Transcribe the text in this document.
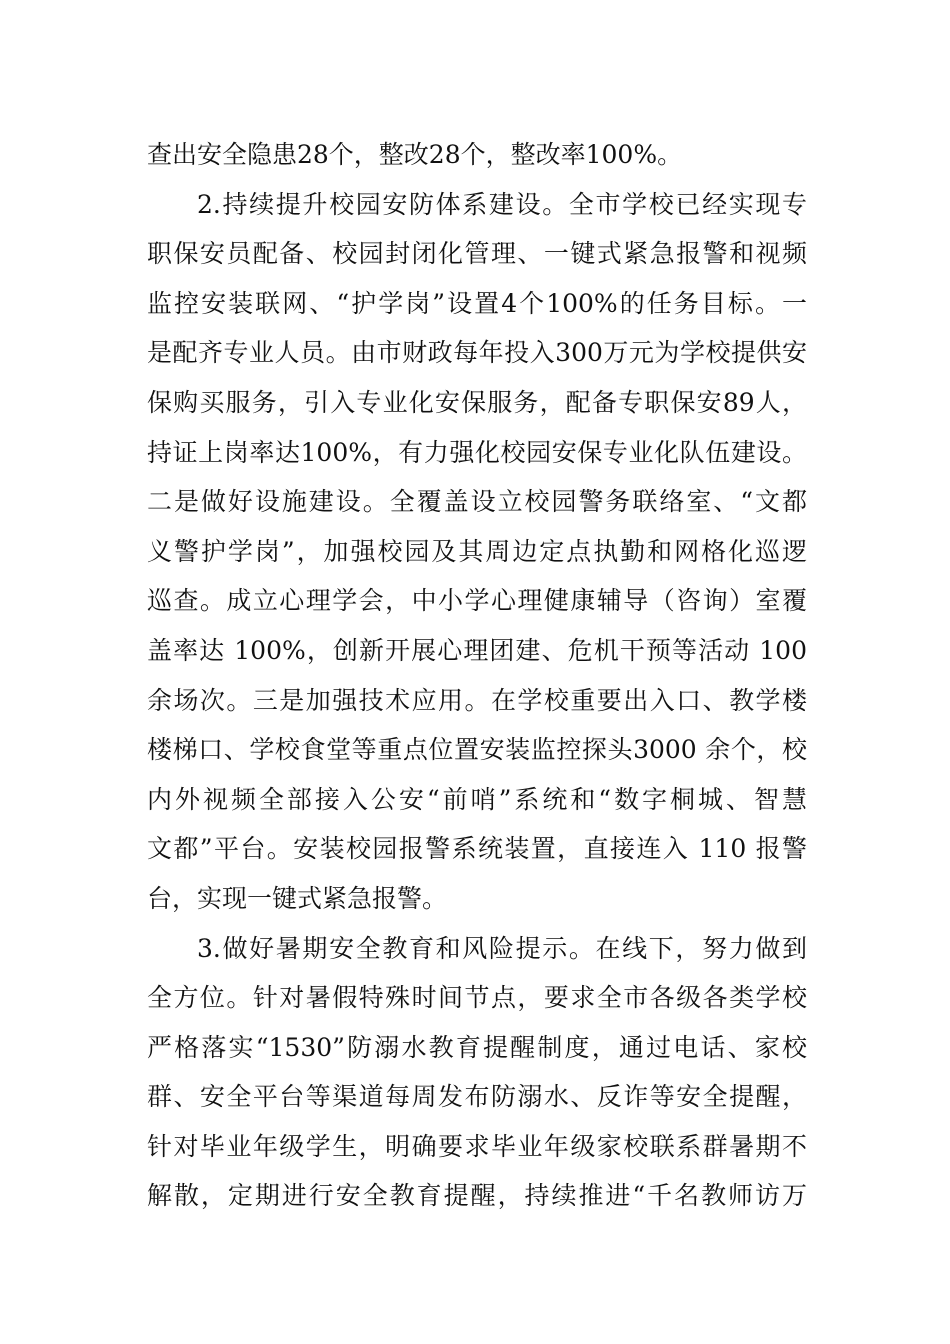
查出安全隐患28个，整改28个，整改率100%。
2.持续提升校园安防体系建设。全市学校已经实现专
职保安员配备、校园封闭化管理、一键式紧急报警和视频
监控安装联网、“护学岗”设置4个100%的任务目标。一
是配齐专业人员。由市财政每年投入300万元为学校提供安
保购买服务，引入专业化安保服务，配备专职保安89人，
持证上岗率达100%，有力强化校园安保专业化队伍建设。
二是做好设施建设。全覆盖设立校园警务联络室、“文都
义警护学岗”，加强校园及其周边定点执勤和网格化巡逻
巡查。成立心理学会，中小学心理健康辅导（咨询）室覆
盖率达 100%，创新开展心理团建、危机干预等活动 100
余场次。三是加强技术应用。在学校重要出入口、教学楼
楼梯口、学校食堂等重点位置安装监控探头3000 余个，校
内外视频全部接入公安“前哨”系统和“数字桐城、智慧
文都”平台。安装校园报警系统装置，直接连入 110 报警
台，实现一键式紧急报警。
3.做好暑期安全教育和风险提示。在线下，努力做到
全方位。针对暑假特殊时间节点，要求全市各级各类学校
严格落实“1530”防溺水教育提醒制度，通过电话、家校
群、安全平台等渠道每周发布防溺水、反诈等安全提醒，
针对毕业年级学生，明确要求毕业年级家校联系群暑期不
解散，定期进行安全教育提醒，持续推进“千名教师访万
